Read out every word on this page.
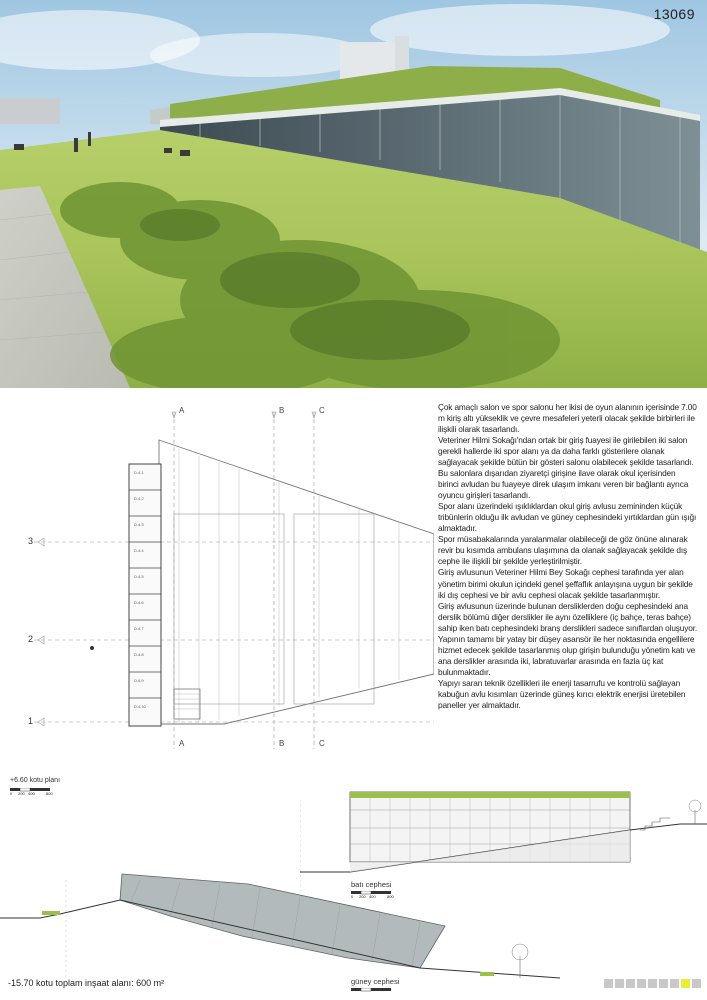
13069
A	B	C
A	B	C
3
2
1
D.4.1
D.4.2
D.4.3
D.4.4
D.4.5
D.4.6
D.4.7
D.4.8
D.4.9
D.4.10
+6.60 kotu planı
0 200 400	800

Çok amaçlı salon ve spor salonu her ikisi de oyun alanının içerisinde 7.00 m kiriş altı yükseklik ve çevre mesafeleri yeterli olacak şekilde birbirleri ile ilişkili olarak tasarlandı.

Veteriner Hilmi Sokağı'ndan ortak bir giriş fuayesi ile girilebilen iki salon gerekli hallerde iki spor alanı ya da daha farklı gösterilere olanak sağlayacak şekilde bütün bir gösteri salonu olabilecek şekilde tasarlandı. Bu salonlara dışarıdan ziyaretçi girişine ilave olarak okul içerisinden birinci avludan bu fuayeye direk ulaşım imkanı veren bir bağlantı ayrıca oyuncu girişleri tasarlandı.

Spor alanı üzerindeki ışıklıklardan okul giriş avlusu zemininden küçük tribünlerin olduğu ilk avludan ve güney cephesindeki yırtıklardan gün ışığı almaktadır.

Spor müsabakalarında yaralanmalar olabileceği de göz önüne alınarak revir bu kısımda ambulans ulaşımına da olanak sağlayacak şekilde dış cephe ile ilişkili bir şekilde yerleştirilmiştir.

Giriş avlusunun Veteriner Hilmi Bey Sokağı cephesi tarafında yer alan yönetim birimi okulun içindeki genel şeffaflık anlayışına uygun bir şekilde iki dış cephesi ve bir avlu cephesi olacak şekilde tasarlanmıştır.

Giriş avlusunun üzerinde bulunan dersliklerden doğu cephesindeki ana derslik bölümü diğer derslikler ile aynı özelliklere (iç bahçe, teras bahçe) sahip iken batı cephesindeki branş derslikleri sadece sınıflardan oluşuyor.

Yapının tamamı bir yatay bir düşey asansör ile her noktasında engellilere hizmet edecek şekilde tasarlanmış olup girişin bulunduğu yönetim katı ve ana derslikler arasında iki, labratuvarlar arasında en fazla üç kat bulunmaktadır.

Yapıyı saran teknik özellikleri ile enerji tasarrufu ve kontrolü sağlayan kabuğun avlu kısımları üzerinde güneş kırıcı elektrik enerjisi üretebilen paneller yer almaktadır.

batı cephesi
0 200 400	800
güney cephesi
-15.70 kotu toplam inşaat alanı: 600 m²
